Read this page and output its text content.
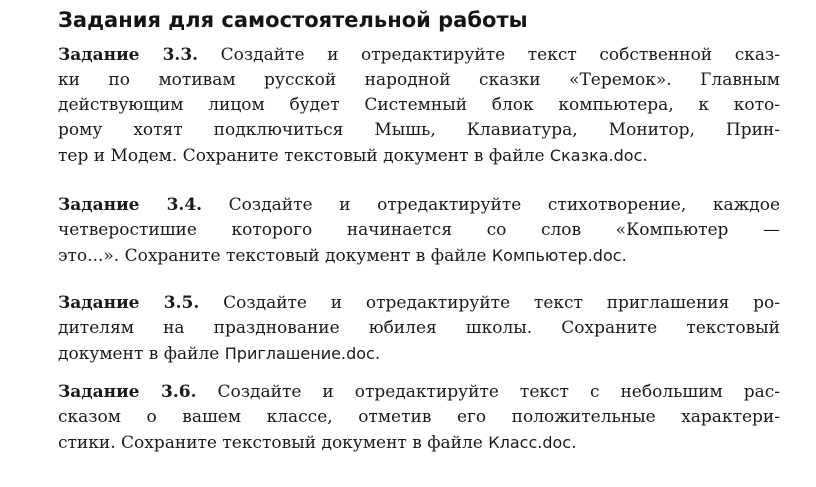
Задания для самостоятельной работы
Задание 3.3. Создайте и отредактируйте текст собственной сказ-
ки по мотивам русской народной сказки «Теремок». Главным
действующим лицом будет Системный блок компьютера, к кото-
рому хотят подключиться Мышь, Клавиатура, Монитор, Прин-
тер и Модем. Сохраните текстовый документ в файле Сказка.doc.
Задание 3.4. Создайте и отредактируйте стихотворение, каждое
четверостишие которого начинается со слов «Компьютер —
это...». Сохраните текстовый документ в файле Компьютер.doc.
Задание 3.5. Создайте и отредактируйте текст приглашения ро-
дителям на празднование юбилея школы. Сохраните текстовый
документ в файле Приглашение.doc.
Задание 3.6. Создайте и отредактируйте текст с небольшим рас-
сказом о вашем классе, отметив его положительные характери-
стики. Сохраните текстовый документ в файле Класс.doc.
